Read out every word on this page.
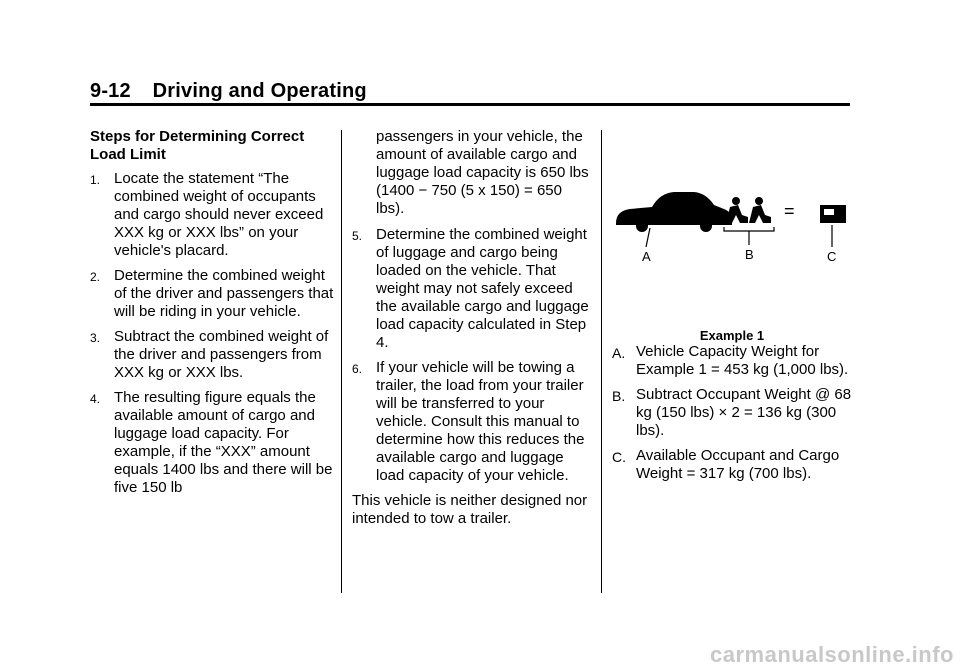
9-12 Driving and Operating
Steps for Determining Correct Load Limit
1. Locate the statement “The combined weight of occupants and cargo should never exceed XXX kg or XXX lbs” on your vehicle's placard.
2. Determine the combined weight of the driver and passengers that will be riding in your vehicle.
3. Subtract the combined weight of the driver and passengers from XXX kg or XXX lbs.
4. The resulting figure equals the available amount of cargo and luggage load capacity. For example, if the “XXX” amount equals 1400 lbs and there will be five 150 lb
passengers in your vehicle, the amount of available cargo and luggage load capacity is 650 lbs (1400 − 750 (5 x 150) = 650 lbs).
5. Determine the combined weight of luggage and cargo being loaded on the vehicle. That weight may not safely exceed the available cargo and luggage load capacity calculated in Step 4.
6. If your vehicle will be towing a trailer, the load from your trailer will be transferred to your vehicle. Consult this manual to determine how this reduces the available cargo and luggage load capacity of your vehicle.

This vehicle is neither designed nor intended to tow a trailer.

A
−
B
=
C
Example 1
A. Vehicle Capacity Weight for Example 1 = 453 kg (1,000 lbs).
B. Subtract Occupant Weight @ 68 kg (150 lbs) × 2 = 136 kg (300 lbs).
C. Available Occupant and Cargo Weight = 317 kg (700 lbs).
carmanualsonline.info
